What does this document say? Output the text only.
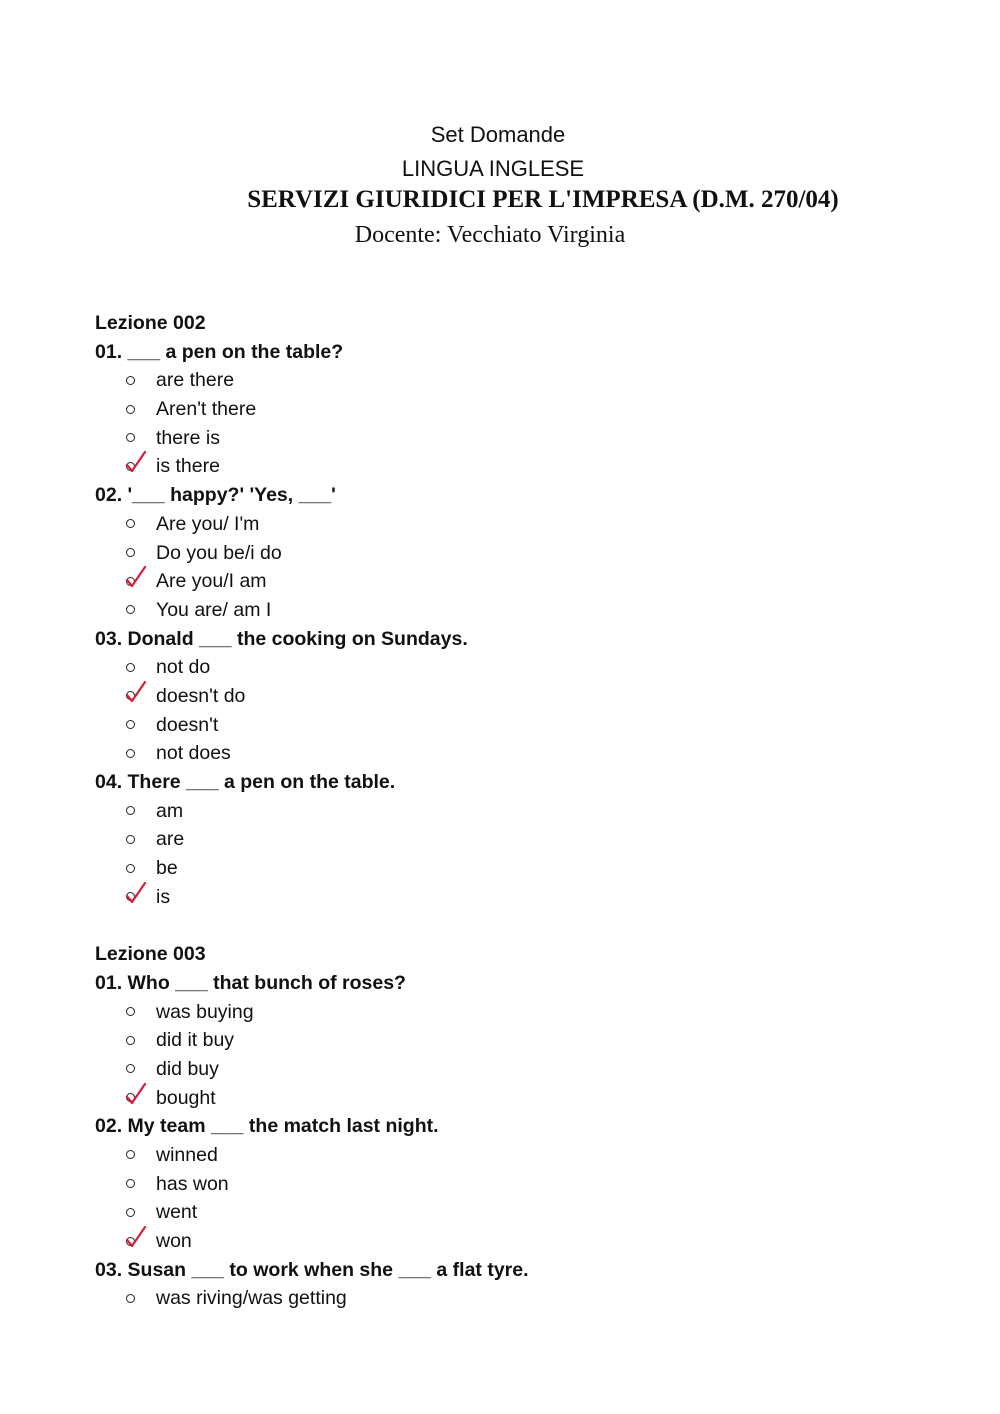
Set Domande
LINGUA INGLESE
SERVIZI GIURIDICI PER L'IMPRESA (D.M. 270/04)
Docente: Vecchiato Virginia
Lezione 002
01. ___ a pen on the table?
are there
Aren't there
there is
is there
02. '___ happy?' 'Yes, ___'
Are you/ I'm
Do you be/i do
Are you/I am
You are/ am I
03. Donald ___ the cooking on Sundays.
not do
doesn't do
doesn't
not does
04. There ___ a pen on the table.
am
are
be
is
Lezione 003
01. Who ___ that bunch of roses?
was buying
did it buy
did buy
bought
02. My team ___ the match last night.
winned
has won
went
won
03. Susan ___ to work when she ___ a flat tyre.
was riving/was getting
